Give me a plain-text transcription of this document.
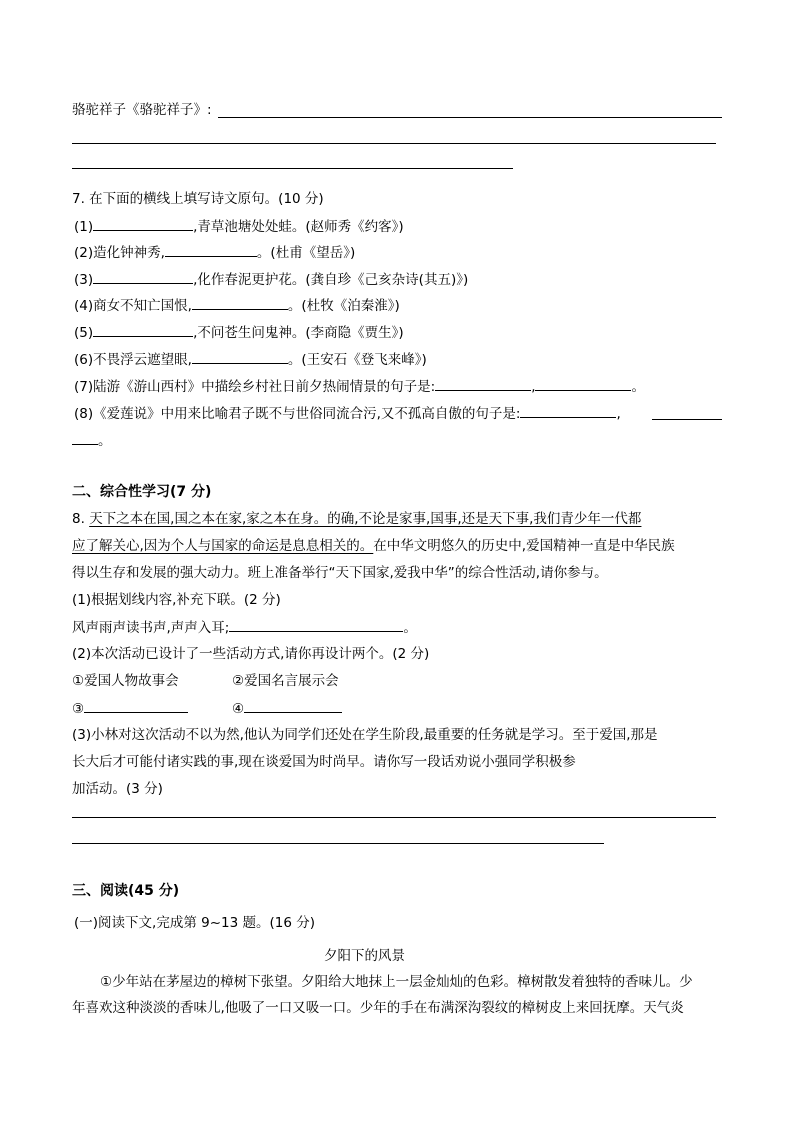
骆驼祥子《骆驼祥子》:
7. 在下面的横线上填写诗文原句。(10 分)
(1)	,青草池塘处处蛙。(赵师秀《约客》)
(2)造化钟神秀,	。(杜甫《望岳》)
(3)	,化作春泥更护花。(龚自珍《己亥杂诗(其五)》)
(4)商女不知亡国恨,	。(杜牧《泊秦淮》)
(5)	,不问苍生问鬼神。(李商隐《贾生》)
(6)不畏浮云遮望眼,	。(王安石《登飞来峰》)
(7)陆游《游山西村》中描绘乡村社日前夕热闹情景的句子是:	,	。
(8)《爱莲说》中用来比喻君子既不与世俗同流合污,又不孤高自傲的句子是:	,
。
二、综合性学习(7 分)
8. 天下之本在国,国之本在家,家之本在身。的确,不论是家事,国事,还是天下事,我们青少年一代都
应了解关心,因为个人与国家的命运是息息相关的。在中华文明悠久的历史中,爱国精神一直是中华民族
得以生存和发展的强大动力。班上准备举行“天下国家,爱我中华”的综合性活动,请你参与。
(1)根据划线内容,补充下联。(2 分)
风声雨声读书声,声声入耳;	。
(2)本次活动已设计了一些活动方式,请你再设计两个。(2 分)
①爱国人物故事会	②爱国名言展示会
③	④
(3)小林对这次活动不以为然,他认为同学们还处在学生阶段,最重要的任务就是学习。至于爱国,那是
长大后才可能付诸实践的事,现在谈爱国为时尚早。请你写一段话劝说小强同学积极参
加活动。(3 分)
三、阅读(45 分)
(一)阅读下文,完成第 9~13 题。(16 分)
夕阳下的风景
①少年站在茅屋边的樟树下张望。夕阳给大地抹上一层金灿灿的色彩。樟树散发着独特的香味儿。少
年喜欢这种淡淡的香味儿,他吸了一口又吸一口。少年的手在布满深沟裂纹的樟树皮上来回抚摩。天气炎
